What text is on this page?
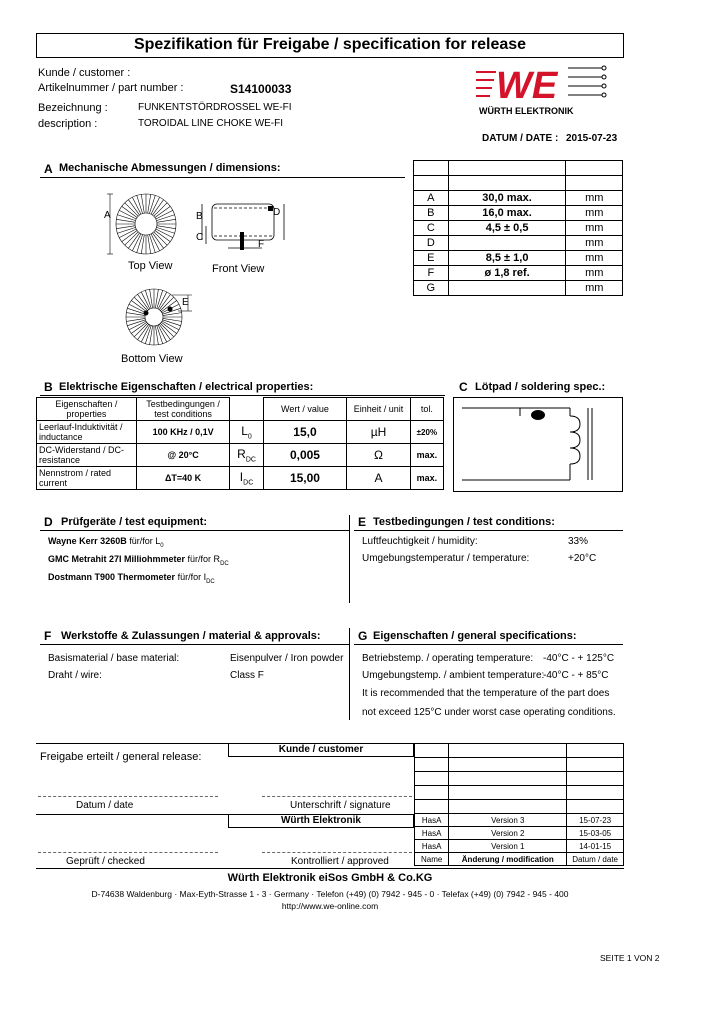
Spezifikation für Freigabe / specification for release
Kunde / customer :
Artikelnummer / part number :	S14100033
Bezeichnung :	FUNKENTSTÖRDROSSEL WE-FI
description :	TOROIDAL LINE CHOKE WE-FI
WE
WÜRTH ELEKTRONIK
DATUM / DATE : 2015-07-23
A Mechanische Abmessungen / dimensions:
A
Top View
B
C
D
F
Front View
E
Bottom View

A	30,0 max.	mm
B	16,0 max.	mm
C	4,5 ± 0,5	mm
D		mm
E	8,5 ± 1,0	mm
F	ø 1,8 ref.	mm
G		mm
B Elektrische Eigenschaften / electrical properties:
Eigenschaften / properties	Testbedingungen / test conditions		Wert / value	Einheit / unit	tol.
Leerlauf-Induktivität / inductance	100 KHz / 0,1V	$L_0$	15,0	µH	±20%
DC-Widerstand / DC-resistance	@ 20°C	$R_{DC}$	0,005	Ω	max.
Nennstrom / rated current	ΔT=40 K	$I_{DC}$	15,00	A	max.
C Lötpad / soldering spec.:
D Prüfgeräte / test equipment:
Wayne Kerr 3260B für/for $L_0$
GMC Metrahit 27I Milliohmmeter für/for $R_{DC}$
Dostmann T900 Thermometer für/for $I_{DC}$
E Testbedingungen / test conditions:
Luftfeuchtigkeit / humidity:	33%
Umgebungstemperatur / temperature:	+20°C
F Werkstoffe & Zulassungen / material & approvals:
Basismaterial / base material:	Eisenpulver / Iron powder
Draht / wire:	Class F
G Eigenschaften / general specifications:
Betriebstemp. / operating temperature: -40°C - + 125°C
Umgebungstemp. / ambient temperature:
-40°C - + 85°C
It is recommended that the temperature of the part does
not exceed 125°C under worst case operating conditions.
Freigabe erteilt / general release:
Kunde / customer
Datum / date	Unterschrift / signature
Würth Elektronik
Geprüft / checked	Kontrolliert / approved

HasA	Version 3	15-07-23
HasA	Version 2	15-03-05
HasA	Version 1	14-01-15
Name	Änderung / modification	Datum / date
Würth Elektronik eiSos GmbH & Co.KG
D-74638 Waldenburg · Max-Eyth-Strasse 1 - 3 · Germany · Telefon (+49) (0) 7942 - 945 - 0 · Telefax (+49) (0) 7942 - 945 - 400
http://www.we-online.com
SEITE 1 VON 2
